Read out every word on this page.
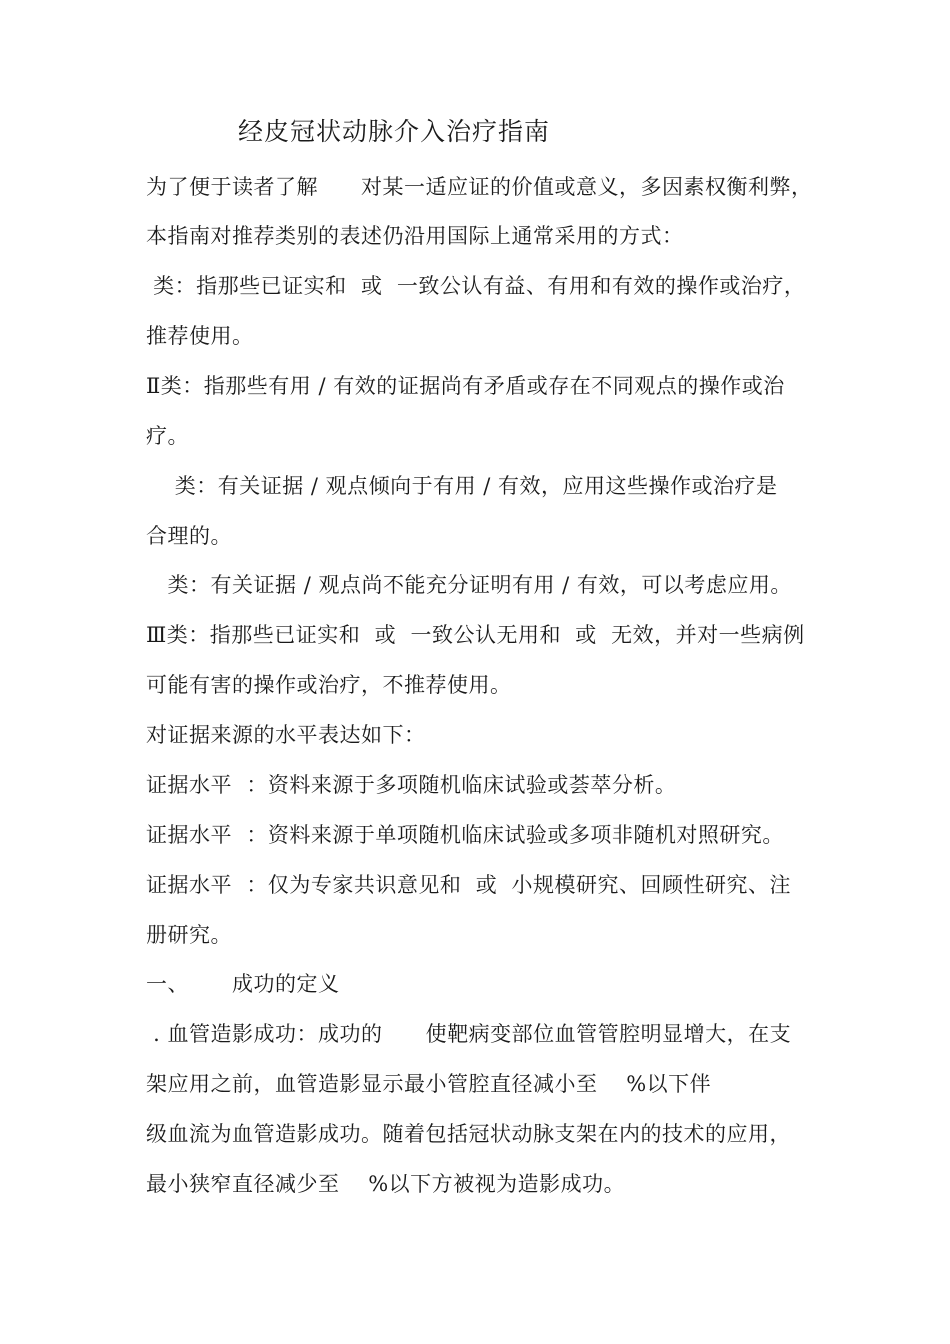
经皮冠状动脉介入治疗指南
为了便于读者了解      对某一适应证的价值或意义，多因素权衡利弊，
本指南对推荐类别的表述仍沿用国际上通常采用的方式：
类：指那些已证实和  或  一致公认有益、有用和有效的操作或治疗，
推荐使用。
Ⅱ类：指那些有用 / 有效的证据尚有矛盾或存在不同观点的操作或治
疗。
类：有关证据 / 观点倾向于有用 / 有效，应用这些操作或治疗是
合理的。
类：有关证据 / 观点尚不能充分证明有用 / 有效，可以考虑应用。
Ⅲ类：指那些已证实和  或  一致公认无用和  或  无效，并对一些病例
可能有害的操作或治疗，不推荐使用。
对证据来源的水平表达如下：
证据水平  ：资料来源于多项随机临床试验或荟萃分析。
证据水平  ：资料来源于单项随机临床试验或多项非随机对照研究。
证据水平  ：仅为专家共识意见和  或  小规模研究、回顾性研究、注
册研究。
一、      成功的定义
. 血管造影成功：成功的      使靶病变部位血管管腔明显增大，在支
架应用之前，血管造影显示最小管腔直径减小至    %以下伴
级血流为血管造影成功。随着包括冠状动脉支架在内的技术的应用，
最小狭窄直径减少至    %以下方被视为造影成功。
